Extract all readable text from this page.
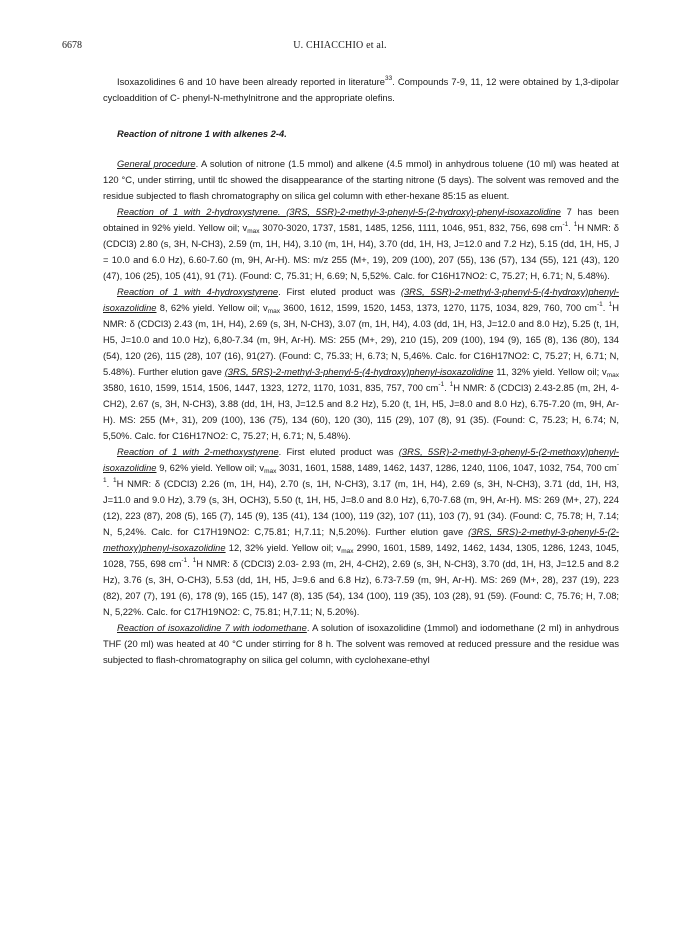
6678	U. CHIACCHIO et al.

Isoxazolidines 6 and 10 have been already reported in literature$^{33}$. Compounds 7-9, 11, 12 were obtained by 1,3-dipolar cycloaddition of C- phenyl-N-methylnitrone and the appropriate olefins.

Reaction of nitrone 1 with alkenes 2-4.

General procedure. A solution of nitrone (1.5 mmol) and alkene (4.5 mmol) in anhydrous toluene (10 ml) was heated at 120 °C, under stirring, until tlc showed the disappearance of the starting nitrone (5 days). The solvent was removed and the residue subjected to flash chromatography on silica gel column with ether-hexane 85:15 as eluent.

Reaction of 1 with 2-hydroxystyrene. (3RS, 5SR)-2-methyl-3-phenyl-5-(2-hydroxy)-phenyl-isoxazolidine 7 has been obtained in 92% yield. Yellow oil; $v_{max}$ 3070-3020, 1737, 1581, 1485, 1256, 1111, 1046, 951, 832, 756, 698 $cm^{-1}$. $^1$H NMR: δ (CDCl3) 2.80 (s, 3H, N-CH3), 2.59 (m, 1H, H4), 3.10 (m, 1H, H4), 3.70 (dd, 1H, H3, J=12.0 and 7.2 Hz), 5.15 (dd, 1H, H5, J = 10.0 and 6.0 Hz), 6.60-7.60 (m, 9H, Ar-H). MS: m/z 255 (M+, 19), 209 (100), 207 (55), 136 (57), 134 (55), 121 (43), 120 (47), 106 (25), 105 (41), 91 (71). (Found: C, 75.31; H, 6.69; N, 5,52%. Calc. for C16H17NO2: C, 75.27; H, 6.71; N, 5.48%).

Reaction of 1 with 4-hydroxystyrene. First eluted product was (3RS, 5SR)-2-methyl-3-phenyl-5-(4-hydroxy)phenyl-isoxazolidine 8, 62% yield. Yellow oil; $v_{max}$ 3600, 1612, 1599, 1520, 1453, 1373, 1270, 1175, 1034, 829, 760, 700 $cm^{-1}$. $^1$H NMR: δ (CDCl3) 2.43 (m, 1H, H4), 2.69 (s, 3H, N-CH3), 3.07 (m, 1H, H4), 4.03 (dd, 1H, H3, J=12.0 and 8.0 Hz), 5.25 (t, 1H, H5, J=10.0 and 10.0 Hz), 6,80-7.34 (m, 9H, Ar-H). MS: 255 (M+, 29), 210 (15), 209 (100), 194 (9), 165 (8), 136 (80), 134 (54), 120 (26), 115 (28), 107 (16), 91(27). (Found: C, 75.33; H, 6.73; N, 5,46%. Calc. for C16H17NO2: C, 75.27; H, 6.71; N, 5.48%). Further elution gave (3RS, 5RS)-2-methyl-3-phenyl-5-(4-hydroxy)phenyl-isoxazolidine 11, 32% yield. Yellow oil; $v_{max}$ 3580, 1610, 1599, 1514, 1506, 1447, 1323, 1272, 1170, 1031, 835, 757, 700 $cm^{-1}$. $^1$H NMR: δ (CDCl3) 2.43-2.85 (m, 2H, 4-CH2), 2.67 (s, 3H, N-CH3), 3.88 (dd, 1H, H3, J=12.5 and 8.2 Hz), 5.20 (t, 1H, H5, J=8.0 and 8.0 Hz), 6.75-7.20 (m, 9H, Ar-H). MS: 255 (M+, 31), 209 (100), 136 (75), 134 (60), 120 (30), 115 (29), 107 (8), 91 (35). (Found: C, 75.23; H, 6.74; N, 5,50%. Calc. for C16H17NO2: C, 75.27; H, 6.71; N, 5.48%).

Reaction of 1 with 2-methoxystyrene. First eluted product was (3RS, 5SR)-2-methyl-3-phenyl-5-(2-methoxy)phenyl-isoxazolidine 9, 62% yield. Yellow oil; $v_{max}$ 3031, 1601, 1588, 1489, 1462, 1437, 1286, 1240, 1106, 1047, 1032, 754, 700 $cm^{-1}$. $^1$H NMR: δ (CDCl3) 2.26 (m, 1H, H4), 2.70 (s, 1H, N-CH3), 3.17 (m, 1H, H4), 2.69 (s, 3H, N-CH3), 3.71 (dd, 1H, H3, J=11.0 and 9.0 Hz), 3.79 (s, 3H, OCH3), 5.50 (t, 1H, H5, J=8.0 and 8.0 Hz), 6,70-7.68 (m, 9H, Ar-H). MS: 269 (M+, 27), 224 (12), 223 (87), 208 (5), 165 (7), 145 (9), 135 (41), 134 (100), 119 (32), 107 (11), 103 (7), 91 (34). (Found: C, 75.78; H, 7.14; N, 5,24%. Calc. for C17H19NO2: C,75.81; H,7.11; N,5.20%). Further elution gave (3RS, 5RS)-2-methyl-3-phenyl-5-(2-methoxy)phenyl-isoxazolidine 12, 32% yield. Yellow oil; $v_{max}$ 2990, 1601, 1589, 1492, 1462, 1434, 1305, 1286, 1243, 1045, 1028, 755, 698 $cm^{-1}$. $^1$H NMR: δ (CDCl3) 2.03- 2.93 (m, 2H, 4-CH2), 2.69 (s, 3H, N-CH3), 3.70 (dd, 1H, H3, J=12.5 and 8.2 Hz), 3.76 (s, 3H, O-CH3), 5.53 (dd, 1H, H5, J=9.6 and 6.8 Hz), 6.73-7.59 (m, 9H, Ar-H). MS: 269 (M+, 28), 237 (19), 223 (82), 207 (7), 191 (6), 178 (9), 165 (15), 147 (8), 135 (54), 134 (100), 119 (35), 103 (28), 91 (59). (Found: C, 75.76; H, 7.08; N, 5,22%. Calc. for C17H19NO2: C, 75.81; H,7.11; N, 5.20%).

Reaction of isoxazolidine 7 with iodomethane. A solution of isoxazolidine (1mmol) and iodomethane (2 ml) in anhydrous THF (20 ml) was heated at 40 °C under stirring for 8 h. The solvent was removed at reduced pressure and the residue was subjected to flash-chromatography on silica gel column, with cyclohexane-ethyl
